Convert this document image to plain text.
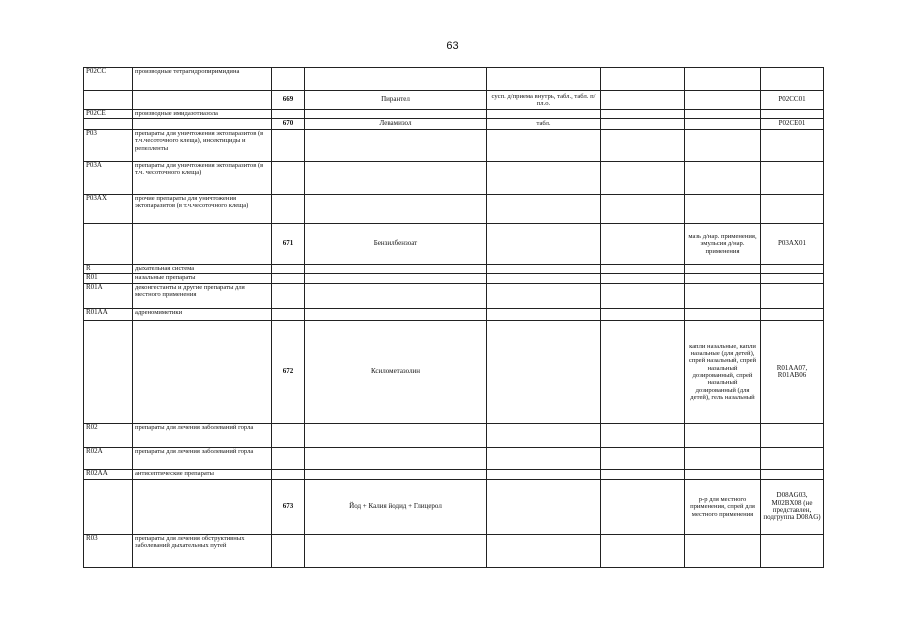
63
P02CC	производные тетрагидропиримидина						
		669	Пирантел	сусп. д/приема внутрь, табл., табл. п/пл.о.			P02CC01
P02CE	производные имидазотиазола						
		670	Левамизол	табл.			P02CE01
P03	препараты для уничтожения эктопаразитов (в т.ч.чесоточного клеща), инсектициды и репелленты						
P03A	препараты для уничтожения эктопаразитов (в т.ч. чесоточного клеща)						
P03AX	прочие препараты для уничтожения эктопаразитов (в т.ч.чесоточного клеща)						
		671	Бензилбензоат			мазь д/нар. применения, эмульсия д/нар. применения	P03AX01
R	дыхательная система						
R01	назальные препараты						
R01A	деконгестанты и другие препараты для местного применения						
R01AA	адреномиметики						
		672	Ксилометазолин			капли назальные, капли назальные (для детей), спрей назальный, спрей назальный дозированный, спрей назальный дозированный (для детей), гель назальный	R01AA07, R01AB06
R02	препараты для лечения заболеваний горла						
R02A	препараты для лечения заболеваний горла						
R02AA	антисептические препараты						
		673	Йод + Калия йодид + Глицерол			р-р для местного применения, спрей для местного применения	D08AG03, M02BX08 (не представлен, подгруппа D08AG)
R03	препараты для лечения обструктивных заболеваний дыхательных путей						
